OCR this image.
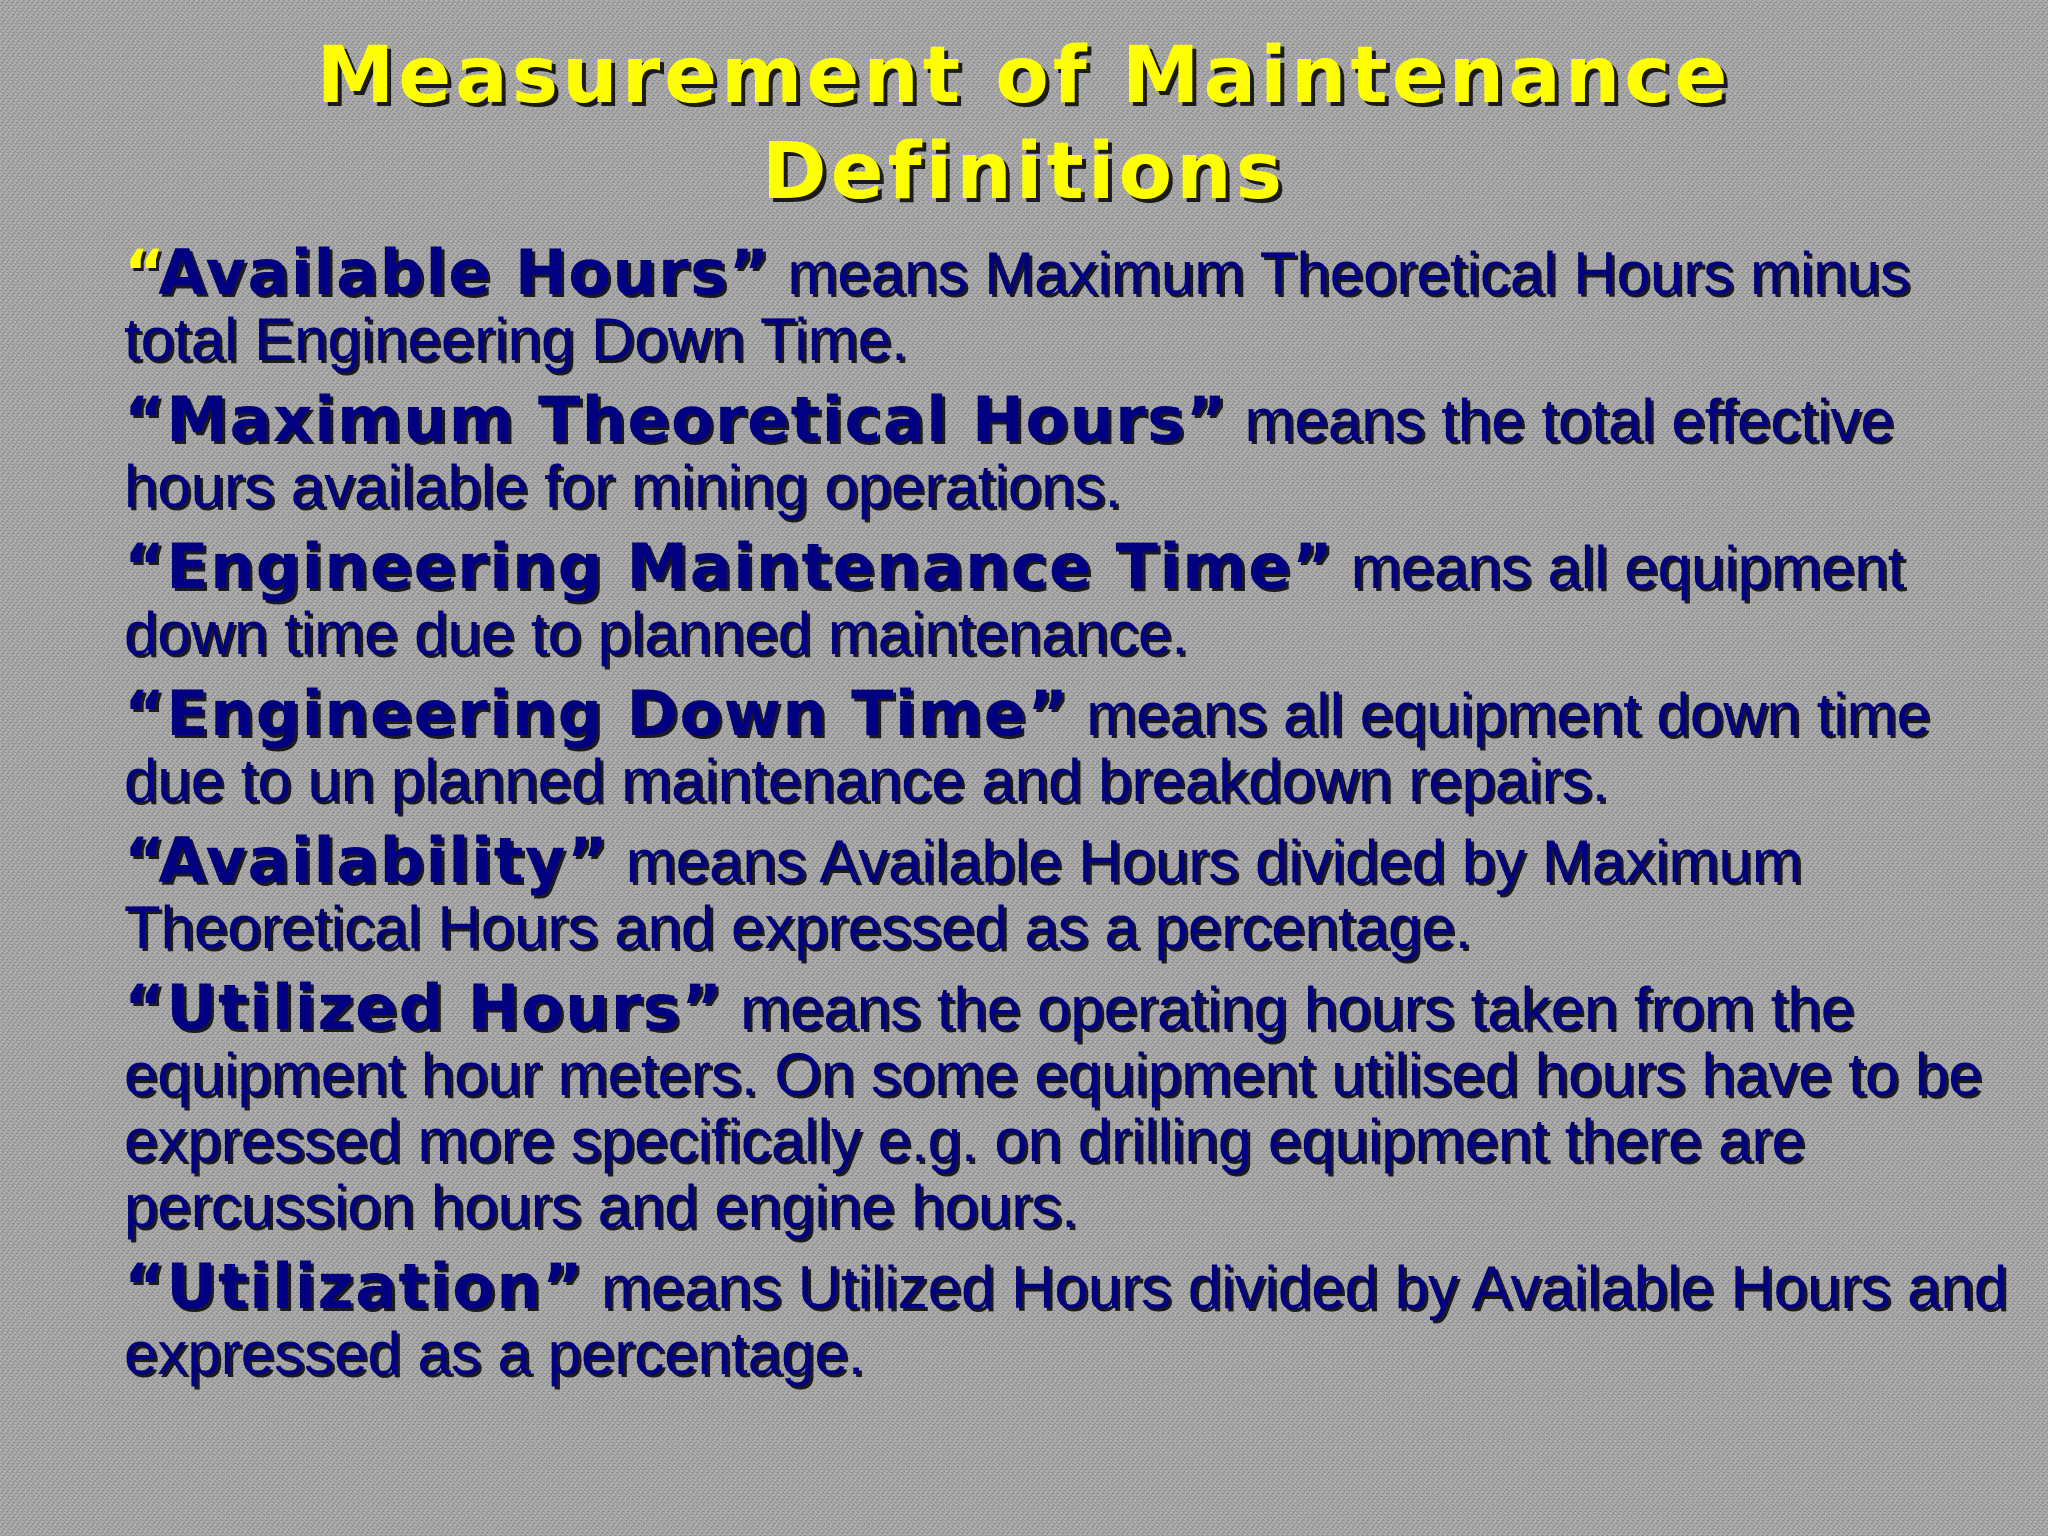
Measurement of Maintenance
Definitions
“Available Hours” means Maximum Theoretical Hours minus total Engineering Down Time.
“Maximum Theoretical Hours” means the total effective hours available for mining operations.
“Engineering Maintenance Time” means all equipment down time due to planned maintenance.
“Engineering Down Time” means all equipment down time due to un planned maintenance and breakdown repairs.
“Availability” means Available Hours divided by Maximum Theoretical Hours and expressed as a percentage.
“Utilized Hours” means the operating hours taken from the equipment hour meters. On some equipment utilised hours have to be expressed more specifically e.g. on drilling equipment there are percussion hours and engine hours.
“Utilization” means Utilized Hours divided by Available Hours and expressed as a percentage.
